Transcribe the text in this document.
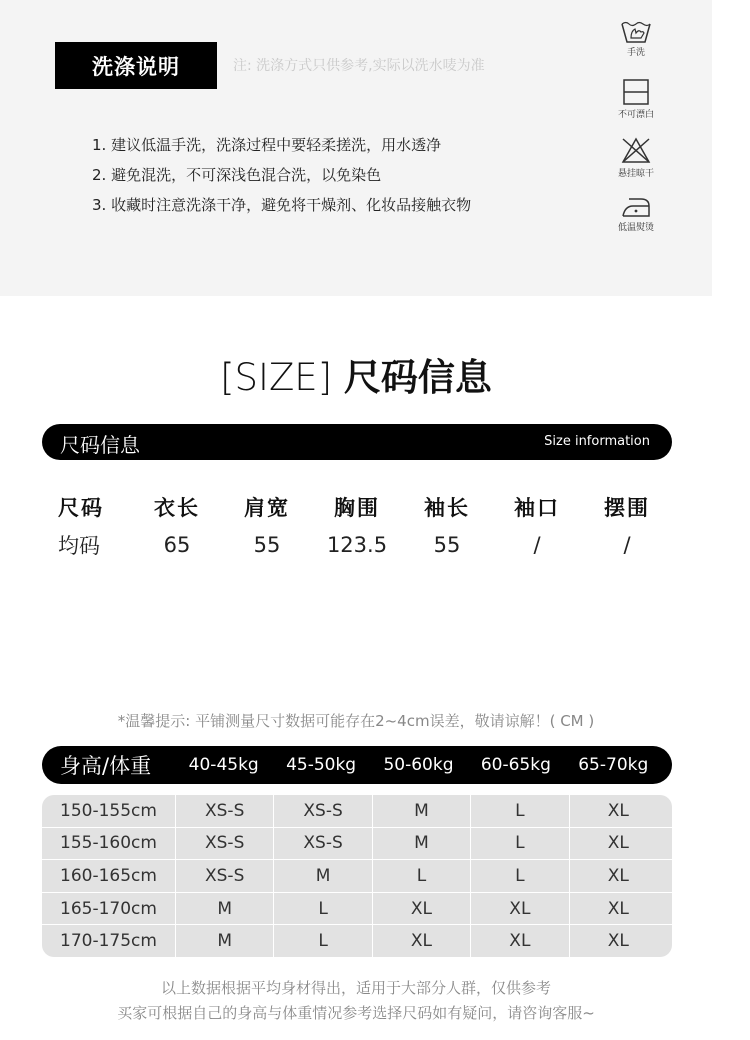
洗涤说明	注: 洗涤方式只供参考,实际以洗水唛为准
1. 建议低温手洗，洗涤过程中要轻柔搓洗，用水透净
2. 避免混洗，不可深浅色混合洗，以免染色
3. 收藏时注意洗涤干净，避免将干燥剂、化妆品接触衣物
手洗
不可漂白
悬挂晾干
低温熨烫
[SIZE] 尺码信息
尺码信息	Size information
尺码	衣长	肩宽	胸围	袖长	袖口	摆围
均码	65	55	123.5	55	/	/
*温馨提示: 平铺测量尺寸数据可能存在2~4cm误差，敬请谅解！( CM )
身高/体重	40-45kg	45-50kg	50-60kg	60-65kg	65-70kg
150-155cm	XS-S	XS-S	M	L	XL
155-160cm	XS-S	XS-S	M	L	XL
160-165cm	XS-S	M	L	L	XL
165-170cm	M	L	XL	XL	XL
170-175cm	M	L	XL	XL	XL
以上数据根据平均身材得出，适用于大部分人群，仅供参考
买家可根据自己的身高与体重情况参考选择尺码如有疑问，请咨询客服~
